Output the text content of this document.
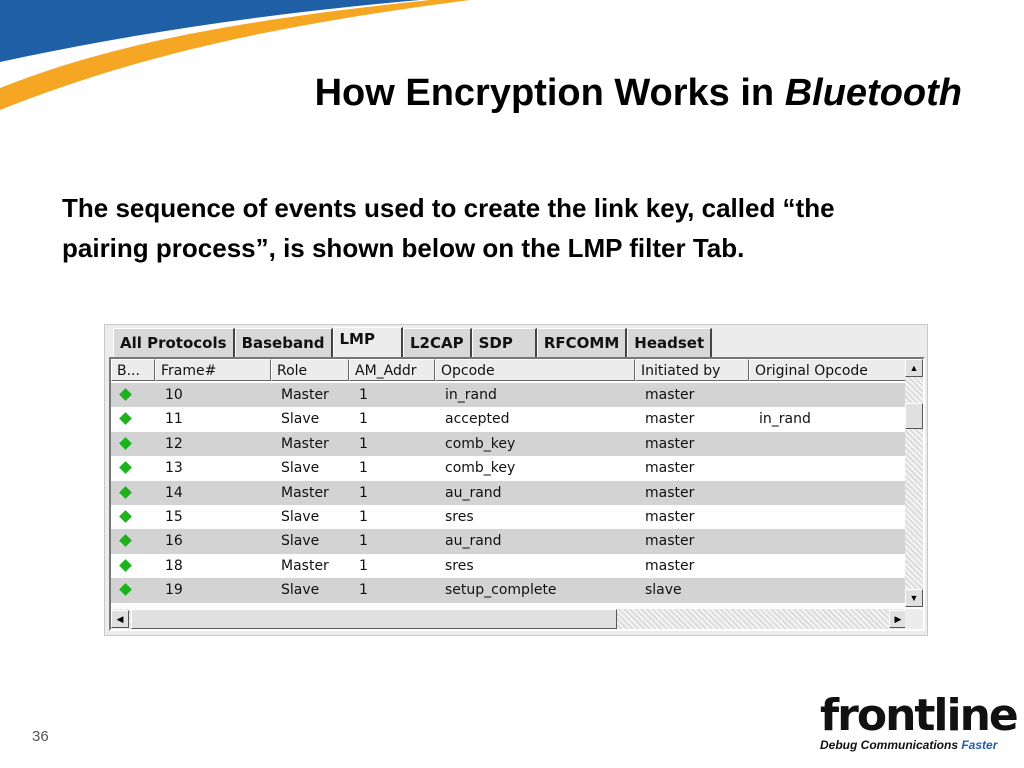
How Encryption Works in Bluetooth
The sequence of events used to create the link key, called “the
pairing process”, is shown below on the LMP filter Tab.
All Protocols	Baseband	LMP	L2CAP	SDP	RFCOMM	Headset
B...	Frame#	Role	AM_Addr	Opcode	Initiated by	Original Opcode
10	Master	1	in_rand	master
11	Slave	1	accepted	master	in_rand
12	Master	1	comb_key	master
13	Slave	1	comb_key	master
14	Master	1	au_rand	master
15	Slave	1	sres	master
16	Slave	1	au_rand	master
18	Master	1	sres	master
19	Slave	1	setup_complete	slave
▲
▼
◀	▶
36	frontline
Debug Communications Faster
